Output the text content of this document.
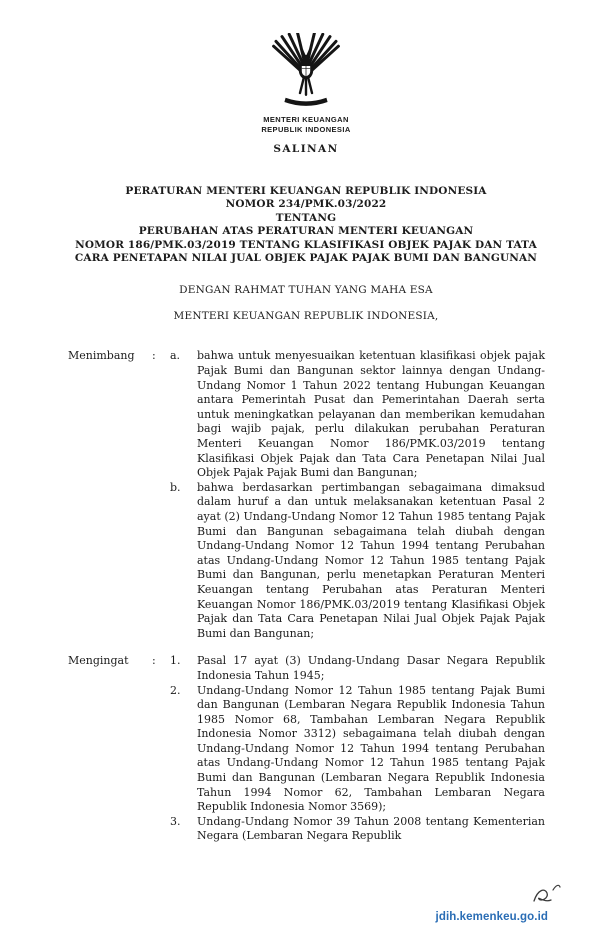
MENTERI KEUANGAN
REPUBLIK INDONESIA
SALINAN
PERATURAN MENTERI KEUANGAN REPUBLIK INDONESIA
NOMOR 234/PMK.03/2022
TENTANG
PERUBAHAN ATAS PERATURAN MENTERI KEUANGAN
NOMOR 186/PMK.03/2019 TENTANG KLASIFIKASI OBJEK PAJAK DAN TATA
CARA PENETAPAN NILAI JUAL OBJEK PAJAK PAJAK BUMI DAN BANGUNAN
DENGAN RAHMAT TUHAN YANG MAHA ESA
MENTERI KEUANGAN REPUBLIK INDONESIA,
Menimbang	:	a.	bahwa untuk menyesuaikan ketentuan klasifikasi objek pajak Pajak Bumi dan Bangunan sektor lainnya dengan Undang-Undang Nomor 1 Tahun 2022 tentang Hubungan Keuangan antara Pemerintah Pusat dan Pemerintahan Daerah serta untuk meningkatkan pelayanan dan memberikan kemudahan bagi wajib pajak, perlu dilakukan perubahan Peraturan Menteri Keuangan Nomor 186/PMK.03/2019 tentang Klasifikasi Objek Pajak dan Tata Cara Penetapan Nilai Jual Objek Pajak Pajak Bumi dan Bangunan;
b.	bahwa berdasarkan pertimbangan sebagaimana dimaksud dalam huruf a dan untuk melaksanakan ketentuan Pasal 2 ayat (2) Undang-Undang Nomor 12 Tahun 1985 tentang Pajak Bumi dan Bangunan sebagaimana telah diubah dengan Undang-Undang Nomor 12 Tahun 1994 tentang Perubahan atas Undang-Undang Nomor 12 Tahun 1985 tentang Pajak Bumi dan Bangunan, perlu menetapkan Peraturan Menteri Keuangan tentang Perubahan atas Peraturan Menteri Keuangan Nomor 186/PMK.03/2019 tentang Klasifikasi Objek Pajak dan Tata Cara Penetapan Nilai Jual Objek Pajak Pajak Bumi dan Bangunan;
Mengingat	:	1.	Pasal 17 ayat (3) Undang-Undang Dasar Negara Republik Indonesia Tahun 1945;
2.	Undang-Undang Nomor 12 Tahun 1985 tentang Pajak Bumi dan Bangunan (Lembaran Negara Republik Indonesia Tahun 1985 Nomor 68, Tambahan Lembaran Negara Republik Indonesia Nomor 3312) sebagaimana telah diubah dengan Undang-Undang Nomor 12 Tahun 1994 tentang Perubahan atas Undang-Undang Nomor 12 Tahun 1985 tentang Pajak Bumi dan Bangunan (Lembaran Negara Republik Indonesia Tahun 1994 Nomor 62, Tambahan Lembaran Negara Republik Indonesia Nomor 3569);
3.	Undang-Undang Nomor 39 Tahun 2008 tentang Kementerian Negara (Lembaran Negara Republik
jdih.kemenkeu.go.id
